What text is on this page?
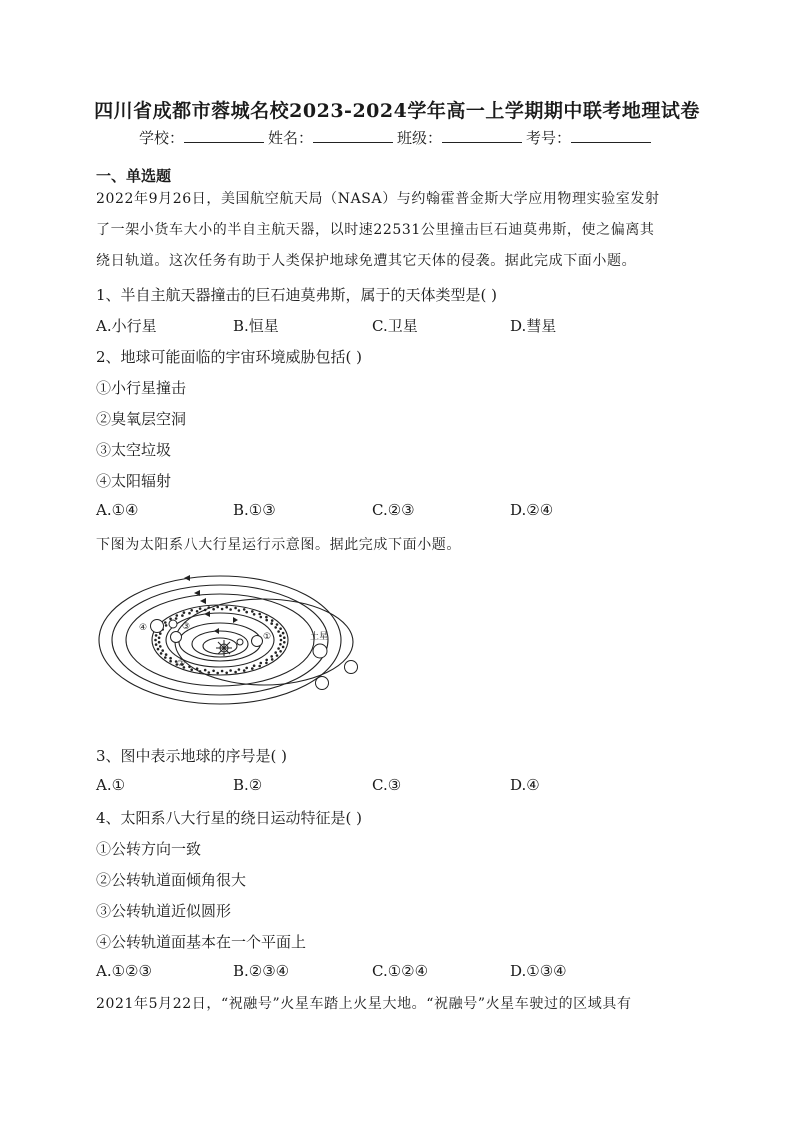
四川省成都市蓉城名校2023-2024学年高一上学期期中联考地理试卷
学校：	姓名：	班级：	考号：
一、单选题
2022年9月26日，美国航空航天局（NASA）与约翰霍普金斯大学应用物理实验室发射
了一架小货车大小的半自主航天器，以时速22531公里撞击巨石迪莫弗斯，使之偏离其
绕日轨道。这次任务有助于人类保护地球免遭其它天体的侵袭。据此完成下面小题。
1、半自主航天器撞击的巨石迪莫弗斯，属于的天体类型是( )
A.小行星	B.恒星	C.卫星	D.彗星
2、地球可能面临的宇宙环境威胁包括( )
①小行星撞击
②臭氧层空洞
③太空垃圾
④太阳辐射
A.①④	B.①③	C.②③	D.②④
下图为太阳系八大行星运行示意图。据此完成下面小题。
④	③
①
②
土星
3、图中表示地球的序号是( )
A.①	B.②	C.③	D.④
4、太阳系八大行星的绕日运动特征是( )
①公转方向一致
②公转轨道面倾角很大
③公转轨道近似圆形
④公转轨道面基本在一个平面上
A.①②③	B.②③④	C.①②④	D.①③④
2021年5月22日，“祝融号”火星车踏上火星大地。“祝融号”火星车驶过的区域具有
